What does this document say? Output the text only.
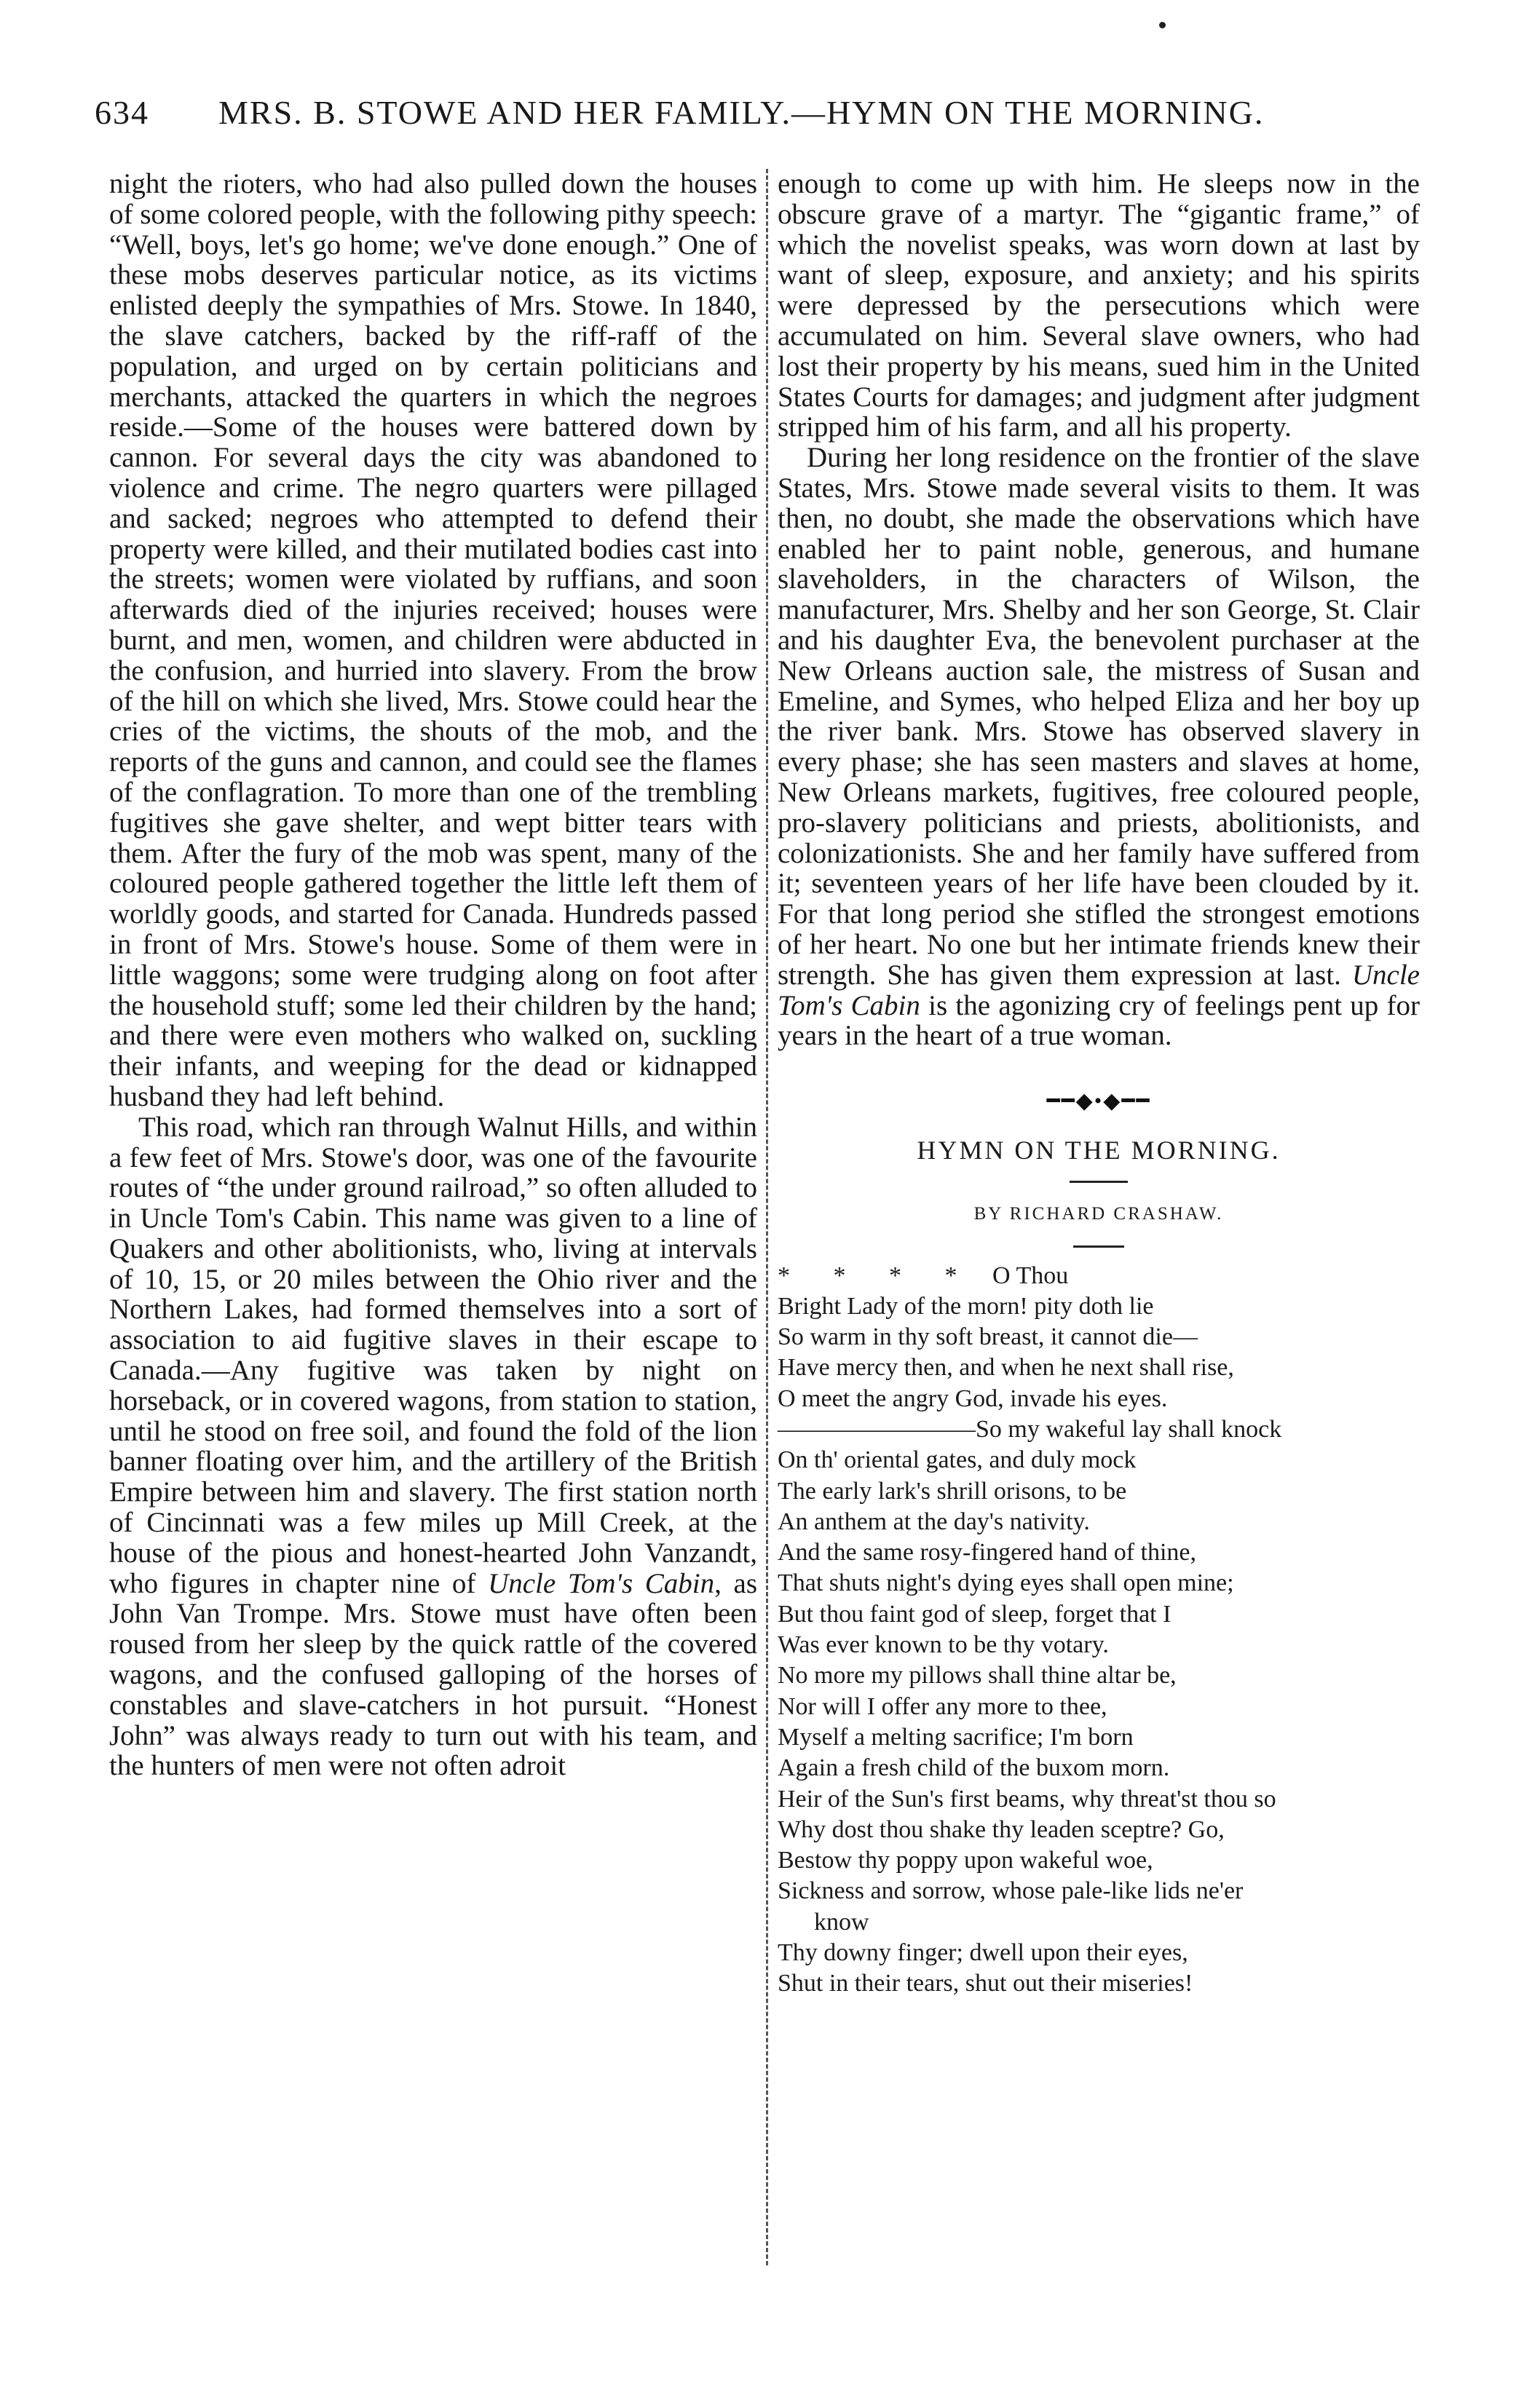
634 MRS. B. STOWE AND HER FAMILY.—HYMN ON THE MORNING.

night the rioters, who had also pulled down the houses of some colored people, with the following pithy speech: “Well, boys, let's go home; we've done enough.” One of these mobs deserves particular notice, as its victims enlisted deeply the sympathies of Mrs. Stowe. In 1840, the slave catchers, backed by the riff-raff of the population, and urged on by certain politicians and merchants, attacked the quarters in which the negroes reside.—Some of the houses were battered down by cannon. For several days the city was abandoned to violence and crime. The negro quarters were pillaged and sacked; negroes who attempted to defend their property were killed, and their mutilated bodies cast into the streets; women were violated by ruffians, and soon afterwards died of the injuries received; houses were burnt, and men, women, and children were abducted in the confusion, and hurried into slavery. From the brow of the hill on which she lived, Mrs. Stowe could hear the cries of the victims, the shouts of the mob, and the reports of the guns and cannon, and could see the flames of the conflagration. To more than one of the trembling fugitives she gave shelter, and wept bitter tears with them. After the fury of the mob was spent, many of the coloured people gathered together the little left them of worldly goods, and started for Canada. Hundreds passed in front of Mrs. Stowe's house. Some of them were in little waggons; some were trudging along on foot after the household stuff; some led their children by the hand; and there were even mothers who walked on, suckling their infants, and weeping for the dead or kidnapped husband they had left behind.

This road, which ran through Walnut Hills, and within a few feet of Mrs. Stowe's door, was one of the favourite routes of “the under ground railroad,” so often alluded to in Uncle Tom's Cabin. This name was given to a line of Quakers and other abolitionists, who, living at intervals of 10, 15, or 20 miles between the Ohio river and the Northern Lakes, had formed themselves into a sort of association to aid fugitive slaves in their escape to Canada.—Any fugitive was taken by night on horseback, or in covered wagons, from station to station, until he stood on free soil, and found the fold of the lion banner floating over him, and the artillery of the British Empire between him and slavery. The first station north of Cincinnati was a few miles up Mill Creek, at the house of the pious and honest-hearted John Vanzandt, who figures in chapter nine of Uncle Tom's Cabin, as John Van Trompe. Mrs. Stowe must have often been roused from her sleep by the quick rattle of the covered wagons, and the confused galloping of the horses of constables and slave-catchers in hot pursuit. “Honest John” was always ready to turn out with his team, and the hunters of men were not often adroit

enough to come up with him. He sleeps now in the obscure grave of a martyr. The “gigantic frame,” of which the novelist speaks, was worn down at last by want of sleep, exposure, and anxiety; and his spirits were depressed by the persecutions which were accumulated on him. Several slave owners, who had lost their property by his means, sued him in the United States Courts for damages; and judgment after judgment stripped him of his farm, and all his property.

During her long residence on the frontier of the slave States, Mrs. Stowe made several visits to them. It was then, no doubt, she made the observations which have enabled her to paint noble, generous, and humane slaveholders, in the characters of Wilson, the manufacturer, Mrs. Shelby and her son George, St. Clair and his daughter Eva, the benevolent purchaser at the New Orleans auction sale, the mistress of Susan and Emeline, and Symes, who helped Eliza and her boy up the river bank. Mrs. Stowe has observed slavery in every phase; she has seen masters and slaves at home, New Orleans markets, fugitives, free coloured people, pro-slavery politicians and priests, abolitionists, and colonizationists. She and her family have suffered from it; seventeen years of her life have been clouded by it. For that long period she stifled the strongest emotions of her heart. No one but her intimate friends knew their strength. She has given them expression at last. Uncle Tom's Cabin is the agonizing cry of feelings pent up for years in the heart of a true woman.

━━◆•◆━━

HYMN ON THE MORNING.

BY RICHARD CRASHAW.

*       *       *       * O Thou
Bright Lady of the morn! pity doth lie
So warm in thy soft breast, it cannot die—
Have mercy then, and when he next shall rise,
O meet the angry God, invade his eyes.
————————So my wakeful lay shall knock
On th' oriental gates, and duly mock
The early lark's shrill orisons, to be
An anthem at the day's nativity.
And the same rosy-fingered hand of thine,
That shuts night's dying eyes shall open mine;
But thou faint god of sleep, forget that I
Was ever known to be thy votary.
No more my pillows shall thine altar be,
Nor will I offer any more to thee,
Myself a melting sacrifice; I'm born
Again a fresh child of the buxom morn.
Heir of the Sun's first beams, why threat'st thou so
Why dost thou shake thy leaden sceptre? Go,
Bestow thy poppy upon wakeful woe,
Sickness and sorrow, whose pale-like lids ne'er
know
Thy downy finger; dwell upon their eyes,
Shut in their tears, shut out their miseries!
